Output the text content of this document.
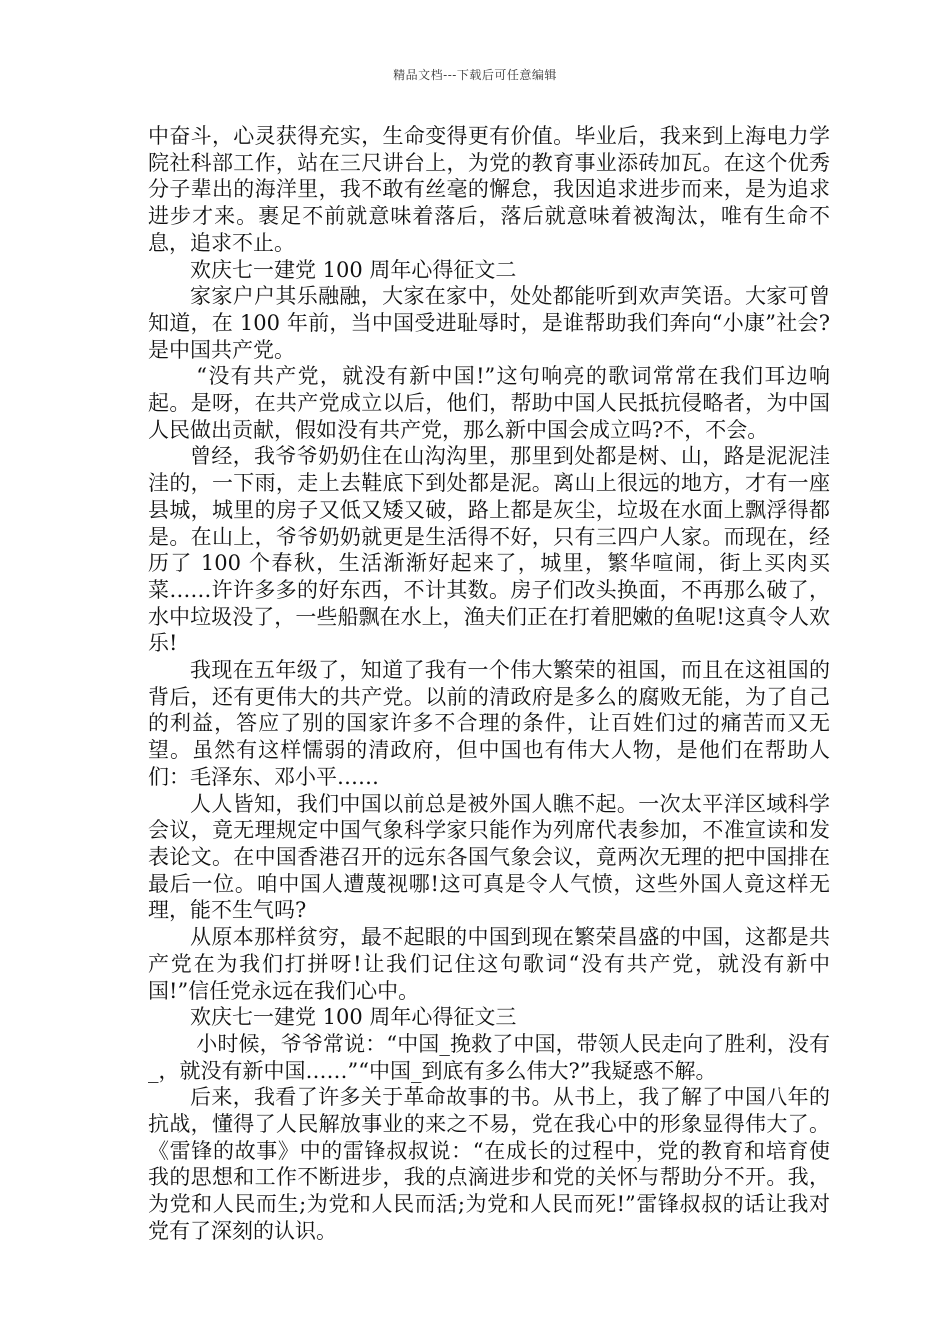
精品文档---下载后可任意编辑

中奋斗，心灵获得充实，生命变得更有价值。毕业后，我来到上海电力学院社科部工作，站在三尺讲台上，为党的教育事业添砖加瓦。在这个优秀分子辈出的海洋里，我不敢有丝毫的懈怠，我因追求进步而来，是为追求进步才来。裹足不前就意味着落后，落后就意味着被淘汰，唯有生命不息，追求不止。

欢庆七一建党 100 周年心得征文二

家家户户其乐融融，大家在家中，处处都能听到欢声笑语。大家可曾知道，在 100 年前，当中国受进耻辱时，是谁帮助我们奔向“小康”社会?是中国共产党。

“没有共产党，就没有新中国!”这句响亮的歌词常常在我们耳边响起。是呀，在共产党成立以后，他们，帮助中国人民抵抗侵略者，为中国人民做出贡献，假如没有共产党，那么新中国会成立吗?不，不会。

曾经，我爷爷奶奶住在山沟沟里，那里到处都是树、山，路是泥泥洼洼的，一下雨，走上去鞋底下到处都是泥。离山上很远的地方，才有一座县城，城里的房子又低又矮又破，路上都是灰尘，垃圾在水面上飘浮得都是。在山上，爷爷奶奶就更是生活得不好，只有三四户人家。而现在，经历了 100 个春秋，生活渐渐好起来了，城里，繁华喧闹，街上买肉买菜……许许多多的好东西，不计其数。房子们改头换面，不再那么破了，水中垃圾没了，一些船飘在水上，渔夫们正在打着肥嫩的鱼呢!这真令人欢乐!

我现在五年级了，知道了我有一个伟大繁荣的祖国，而且在这祖国的背后，还有更伟大的共产党。以前的清政府是多么的腐败无能，为了自己的利益，答应了别的国家许多不合理的条件，让百姓们过的痛苦而又无望。虽然有这样懦弱的清政府，但中国也有伟大人物，是他们在帮助人们：毛泽东、邓小平……

人人皆知，我们中国以前总是被外国人瞧不起。一次太平洋区域科学会议，竟无理规定中国气象科学家只能作为列席代表参加，不准宣读和发表论文。在中国香港召开的远东各国气象会议，竟两次无理的把中国排在最后一位。咱中国人遭蔑视哪!这可真是令人气愤，这些外国人竟这样无理，能不生气吗?

从原本那样贫穷，最不起眼的中国到现在繁荣昌盛的中国，这都是共产党在为我们打拼呀!让我们记住这句歌词“没有共产党，就没有新中国!”信任党永远在我们心中。

欢庆七一建党 100 周年心得征文三

小时候，爷爷常说：“中国_挽救了中国，带领人民走向了胜利，没有_，就没有新中国……”“中国_到底有多么伟大?”我疑惑不解。

后来，我看了许多关于革命故事的书。从书上，我了解了中国八年的抗战，懂得了人民解放事业的来之不易，党在我心中的形象显得伟大了。《雷锋的故事》中的雷锋叔叔说：“在成长的过程中，党的教育和培育使我的思想和工作不断进步，我的点滴进步和党的关怀与帮助分不开。我，为党和人民而生;为党和人民而活;为党和人民而死!”雷锋叔叔的话让我对党有了深刻的认识。
